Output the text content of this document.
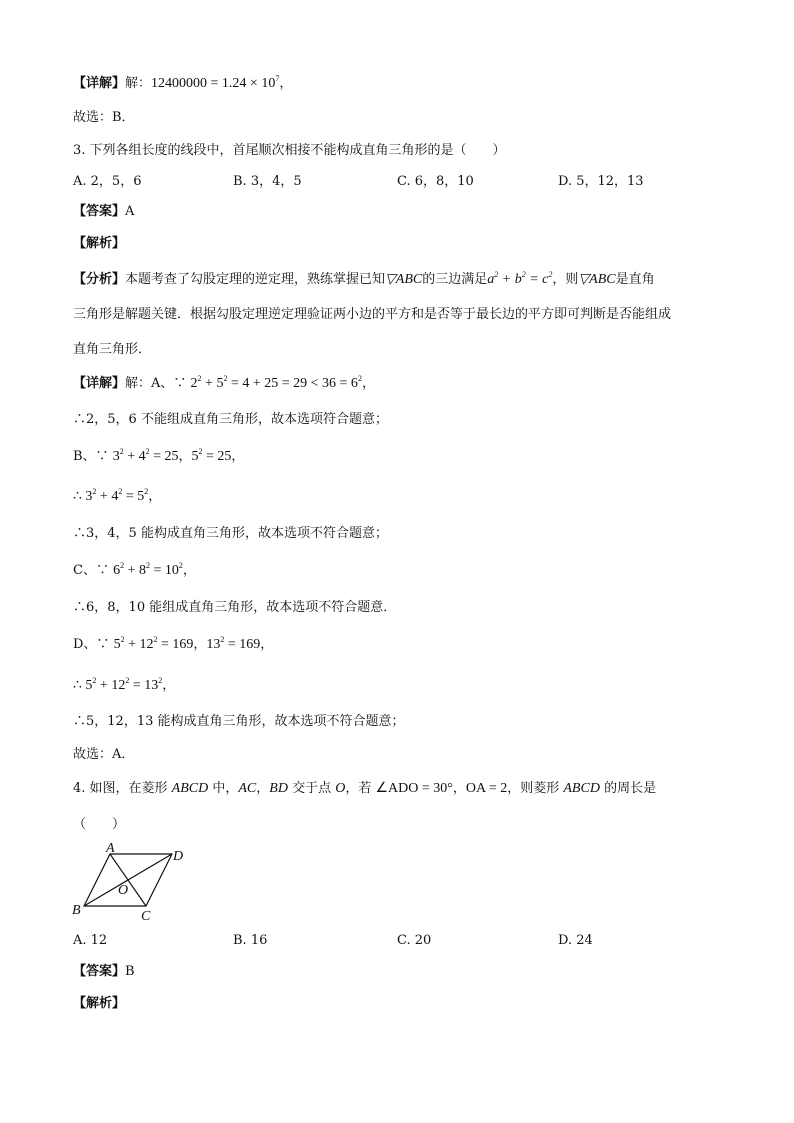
【详解】解：$12400000 = 1.24 \times 10^7$，
故选：B．
3. 下列各组长度的线段中，首尾顺次相接不能构成直角三角形的是（　　）
A. 2，5，6	B. 3，4，5	C. 6，8，10	D. 5，12，13
【答案】A
【解析】
【分析】本题考查了勾股定理的逆定理，熟练掌握已知▽ABC的三边满足$a^2 + b^2 = c^2$，则▽ABC是直角
三角形是解题关键．根据勾股定理逆定理验证两小边的平方和是否等于最长边的平方即可判断是否能组成
直角三角形．
【详解】解：A、∵ $2^2 + 5^2 = 4 + 25 = 29 < 36 = 6^2$，
∴2，5，6 不能组成直角三角形，故本选项符合题意；
B、∵ $3^2 + 4^2 = 25$，$5^2 = 25$，
∴ $3^2 + 4^2 = 5^2$，
∴3，4，5 能构成直角三角形，故本选项不符合题意；
C、∵ $6^2 + 8^2 = 10^2$，
∴6，8，10 能组成直角三角形，故本选项不符合题意．
D、∵ $5^2 + 12^2 = 169$，$13^2 = 169$，
∴ $5^2 + 12^2 = 13^2$，
∴5，12，13 能构成直角三角形，故本选项不符合题意；
故选：A．
4. 如图，在菱形 ABCD 中，AC，BD 交于点 O，若 ∠ADO = 30°，OA = 2，则菱形 ABCD 的周长是
（　　）
A
D
B	C
O
A. 12	B. 16	C. 20	D. 24
【答案】B
【解析】
